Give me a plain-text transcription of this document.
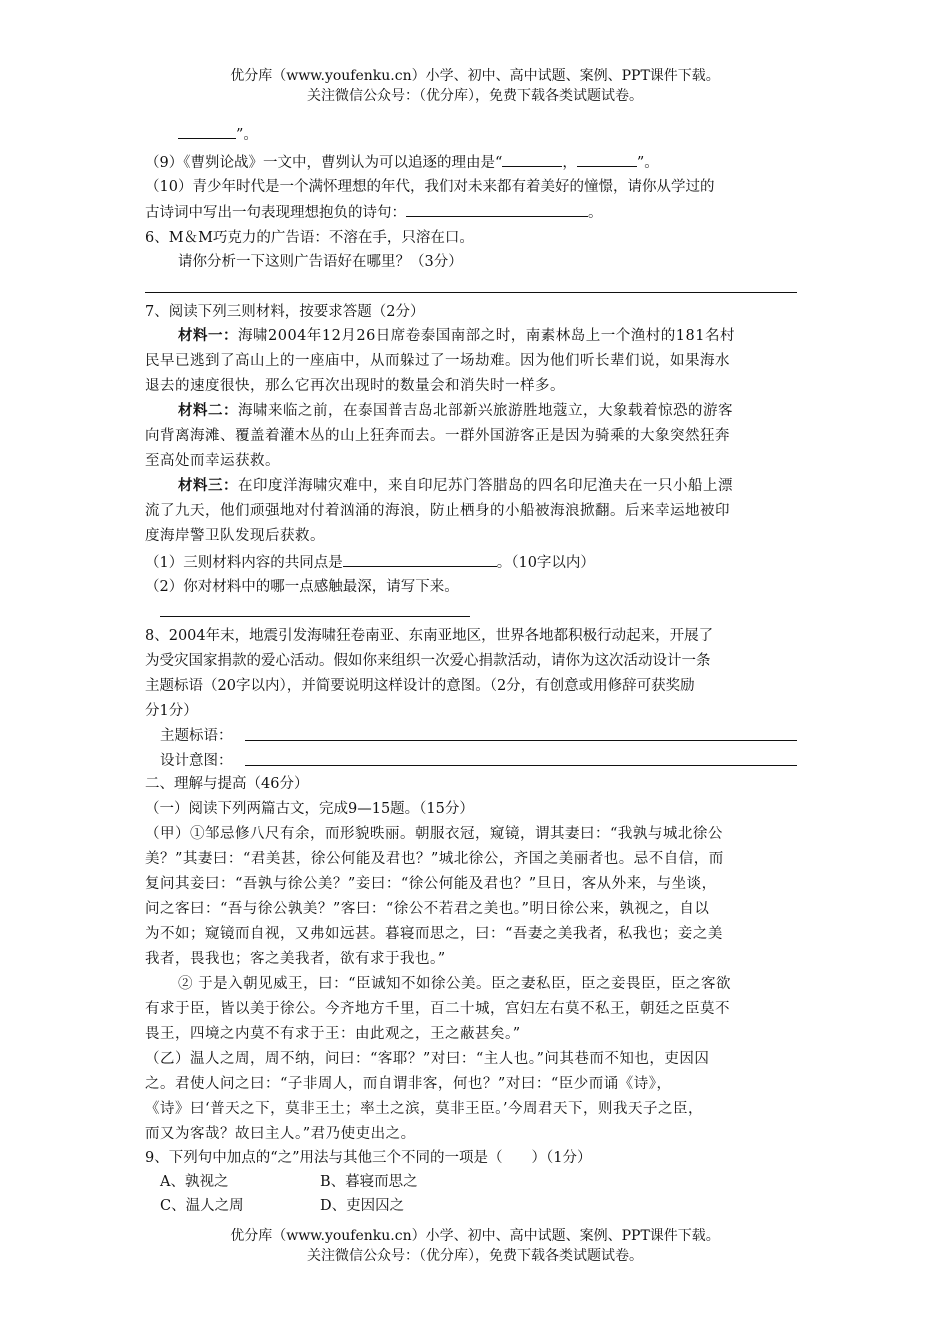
优分库（www.youfenku.cn）小学、初中、高中试题、案例、PPT课件下载。
关注微信公众号：（优分库），免费下载各类试题试卷。
”。
（9）《曹刿论战》一文中，曹刿认为可以追逐的理由是“	，	”。
（10）青少年时代是一个满怀理想的年代，我们对未来都有着美好的憧憬，请你从学过的
古诗词中写出一句表现理想抱负的诗句：	。
6、M＆M巧克力的广告语：不溶在手，只溶在口。
请你分析一下这则广告语好在哪里？（3分）
7、阅读下列三则材料，按要求答题（2分）
材料一：海啸2004年12月26日席卷泰国南部之时，南素林岛上一个渔村的181名村
民早已逃到了高山上的一座庙中，从而躲过了一场劫难。因为他们听长辈们说，如果海水
退去的速度很快，那么它再次出现时的数量会和消失时一样多。
材料二：海啸来临之前，在泰国普吉岛北部新兴旅游胜地蔻立，大象载着惊恐的游客
向背离海滩、覆盖着灌木丛的山上狂奔而去。一群外国游客正是因为骑乘的大象突然狂奔
至高处而幸运获救。
材料三：在印度洋海啸灾难中，来自印尼苏门答腊岛的四名印尼渔夫在一只小船上漂
流了九天，他们顽强地对付着汹涌的海浪，防止栖身的小船被海浪掀翻。后来幸运地被印
度海岸警卫队发现后获救。
（1）三则材料内容的共同点是	。（10字以内）
（2）你对材料中的哪一点感触最深，请写下来。
8、2004年末，地震引发海啸狂卷南亚、东南亚地区，世界各地都积极行动起来，开展了
为受灾国家捐款的爱心活动。假如你来组织一次爱心捐款活动，请你为这次活动设计一条
主题标语（20字以内），并简要说明这样设计的意图。（2分，有创意或用修辞可获奖励
分1分）
主题标语：
设计意图：
二、理解与提高（46分）
（一）阅读下列两篇古文，完成9—15题。（15分）
（甲）①邹忌修八尺有余，而形貌昳丽。朝服衣冠，窥镜，谓其妻曰：“我孰与城北徐公
美？”其妻曰：“君美甚，徐公何能及君也？”城北徐公，齐国之美丽者也。忌不自信，而
复问其妾曰：“吾孰与徐公美？”妾曰：“徐公何能及君也？”旦日，客从外来，与坐谈，
问之客曰：“吾与徐公孰美？”客曰：“徐公不若君之美也。”明日徐公来，孰视之，自以
为不如；窥镜而自视，又弗如远甚。暮寝而思之，曰：“吾妻之美我者，私我也；妾之美
我者，畏我也；客之美我者，欲有求于我也。”
② 于是入朝见威王，曰：“臣诚知不如徐公美。臣之妻私臣，臣之妾畏臣，臣之客欲
有求于臣，皆以美于徐公。今齐地方千里，百二十城，宫妇左右莫不私王，朝廷之臣莫不
畏王，四境之内莫不有求于王：由此观之，王之蔽甚矣。”
（乙）温人之周，周不纳，问曰：“客耶？”对曰：“主人也。”问其巷而不知也，吏因囚
之。君使人问之曰：“子非周人，而自谓非客，何也？”对曰：“臣少而诵《诗》，
《诗》曰‘普天之下，莫非王土；率土之滨，莫非王臣。’今周君天下，则我天子之臣，
而又为客哉？故曰主人。”君乃使吏出之。
9、下列句中加点的“之”用法与其他三个不同的一项是（　　）（1分）
A、孰视之	B、暮寝而思之
C、温人之周	D、吏因囚之
优分库（www.youfenku.cn）小学、初中、高中试题、案例、PPT课件下载。
关注微信公众号：（优分库），免费下载各类试题试卷。
